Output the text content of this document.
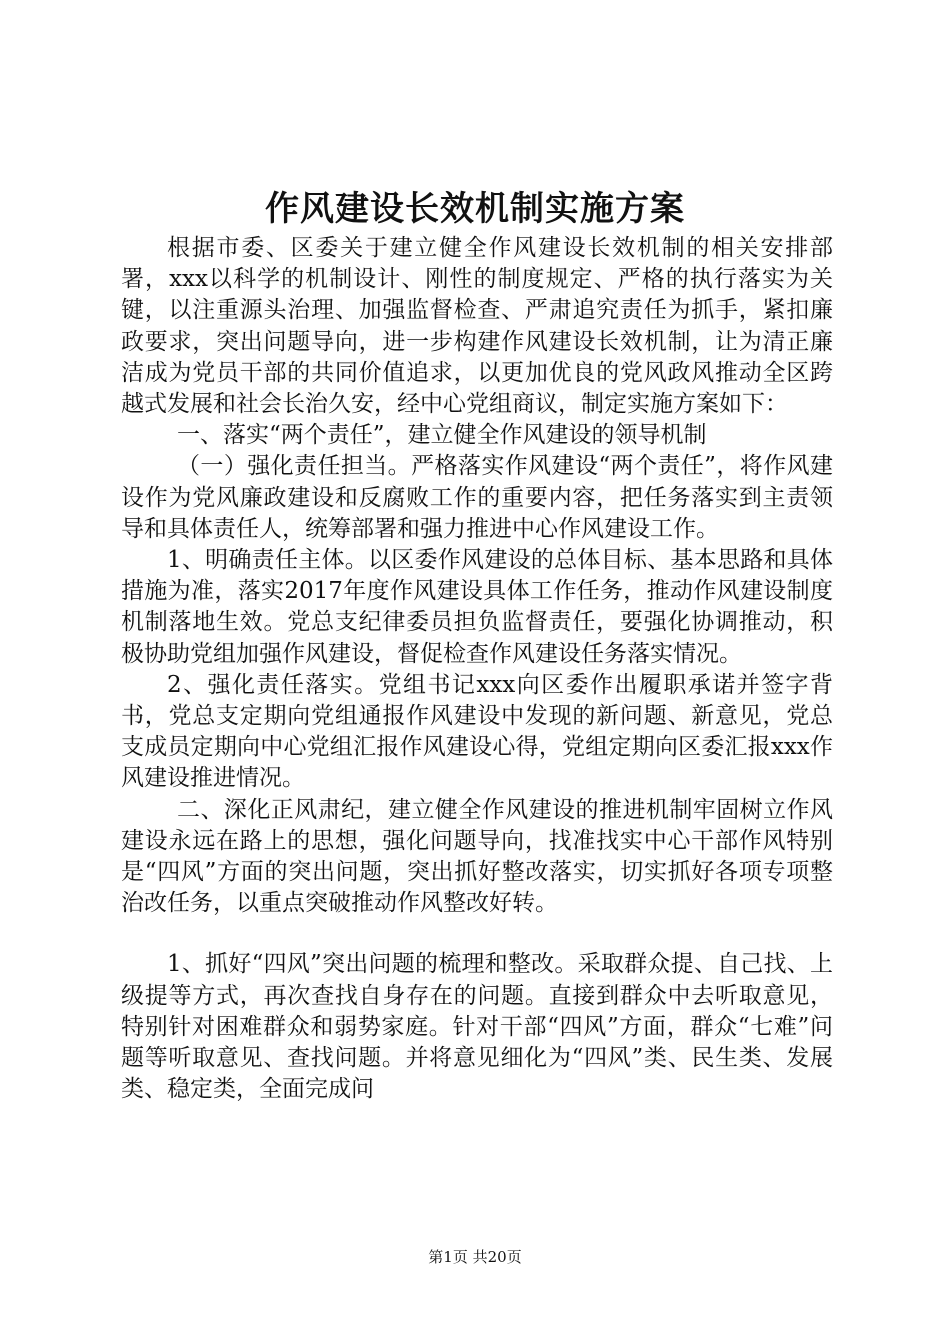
作风建设长效机制实施方案

根据市委、区委关于建立健全作风建设长效机制的相关安排部署，xxx以科学的机制设计、刚性的制度规定、严格的执行落实为关键，以注重源头治理、加强监督检查、严肃追究责任为抓手，紧扣廉政要求，突出问题导向，进一步构建作风建设长效机制，让为清正廉洁成为党员干部的共同价值追求，以更加优良的党风政风推动全区跨越式发展和社会长治久安，经中心党组商议，制定实施方案如下：

一、落实“两个责任”，建立健全作风建设的领导机制

（一）强化责任担当。严格落实作风建设“两个责任”，将作风建设作为党风廉政建设和反腐败工作的重要内容，把任务落实到主责领导和具体责任人，统筹部署和强力推进中心作风建设工作。

1、明确责任主体。以区委作风建设的总体目标、基本思路和具体措施为准，落实2017年度作风建设具体工作任务，推动作风建设制度机制落地生效。党总支纪律委员担负监督责任，要强化协调推动，积极协助党组加强作风建设，督促检查作风建设任务落实情况。

2、强化责任落实。党组书记xxx向区委作出履职承诺并签字背书，党总支定期向党组通报作风建设中发现的新问题、新意见，党总支成员定期向中心党组汇报作风建设心得，党组定期向区委汇报xxx作风建设推进情况。

二、深化正风肃纪，建立健全作风建设的推进机制牢固树立作风建设永远在路上的思想，强化问题导向，找准找实中心干部作风特别是“四风”方面的突出问题，突出抓好整改落实，切实抓好各项专项整治改任务，以重点突破推动作风整改好转。

1、抓好“四风”突出问题的梳理和整改。采取群众提、自己找、上级提等方式，再次查找自身存在的问题。直接到群众中去听取意见，特别针对困难群众和弱势家庭。针对干部“四风”方面，群众“七难”问题等听取意见、查找问题。并将意见细化为“四风”类、民生类、发展类、稳定类，全面完成问

第1页 共20页
